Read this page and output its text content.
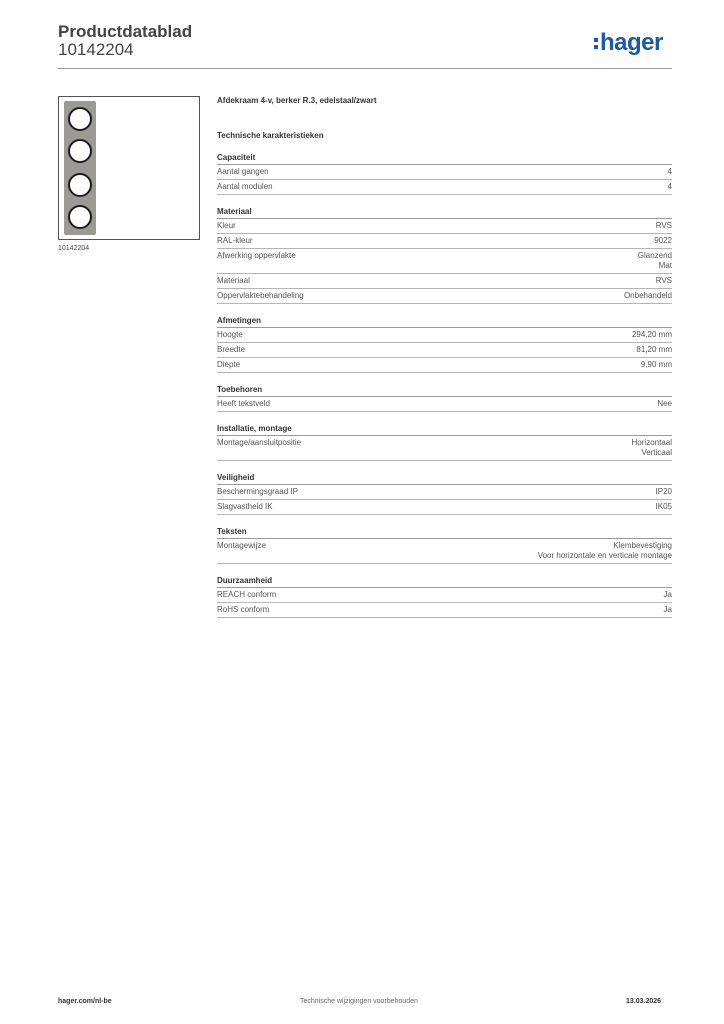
Productdatablad
10142204	hager
10142204
Afdekraam 4-v, berker R.3, edelstaal/zwart
Technische karakteristieken
Capaciteit
Aantal gangen	4
Aantal modulen	4
Materiaal
Kleur	RVS
RAL-kleur	9022
Afwerking oppervlakte	Glanzend
Mat
Materiaal	RVS
Oppervlaktebehandeling	Onbehandeld
Afmetingen
Hoogte	294,20 mm
Breedte	81,20 mm
Diepte	9,90 mm
Toebehoren
Heeft tekstveld	Nee
Installatie, montage
Montage/aansluitpositie	Horizontaal
Verticaal
Veiligheid
Beschermingsgraad IP	IP20
Slagvastheid IK	IK05
Teksten
Montagewijze	Klembevestiging
Voor horizontale en verticale montage
Duurzaamheid
REACH conform	Ja
RoHS conform	Ja
hager.com/nl-be	Technische wijzigingen voorbehouden	13.03.2026
